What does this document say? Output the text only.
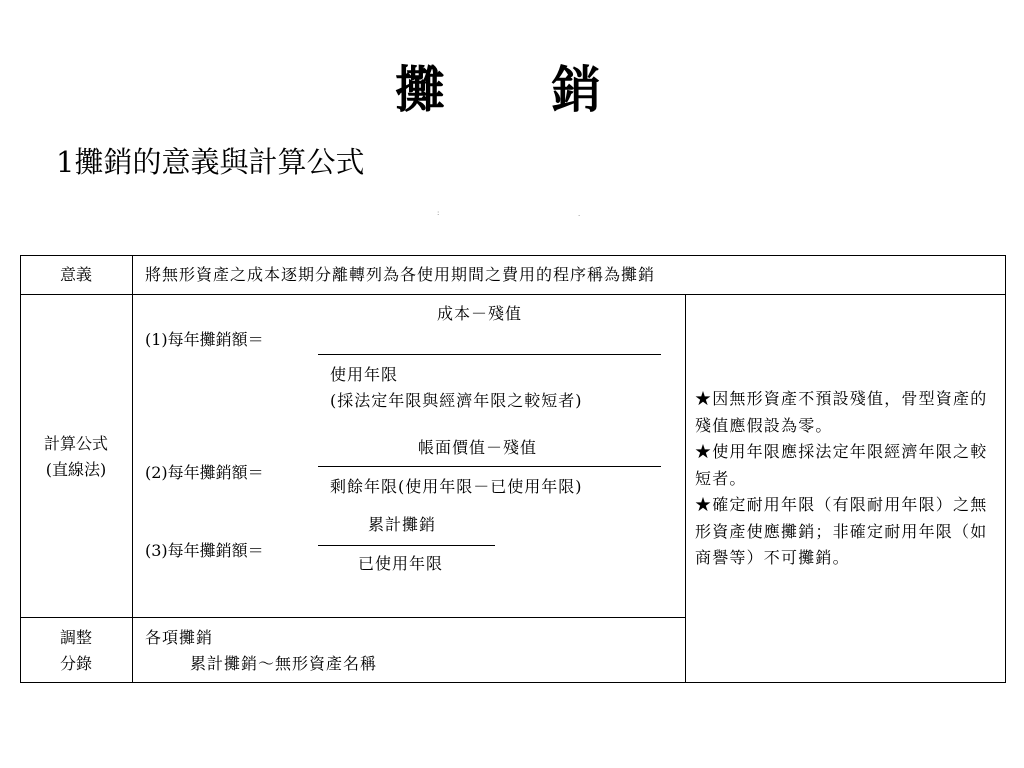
攤　銷
1攤銷的意義與計算公式
:	.
意義	將無形資產之成本逐期分離轉列為各使用期間之費用的程序稱為攤銷
計算公式
(直線法)
(1)每年攤銷額＝
成本－殘值
使用年限
(採法定年限與經濟年限之較短者)
(2)每年攤銷額＝
帳面價值－殘值
剩餘年限(使用年限－已使用年限)
(3)每年攤銷額＝
累計攤銷
已使用年限
★因無形資產不預設殘值，骨型資產的殘值應假設為零。
★使用年限應採法定年限經濟年限之較短者。
★確定耐用年限（有限耐用年限）之無形資產使應攤銷；非確定耐用年限（如商譽等）不可攤銷。
調整
分錄
各項攤銷
累計攤銷～無形資產名稱
